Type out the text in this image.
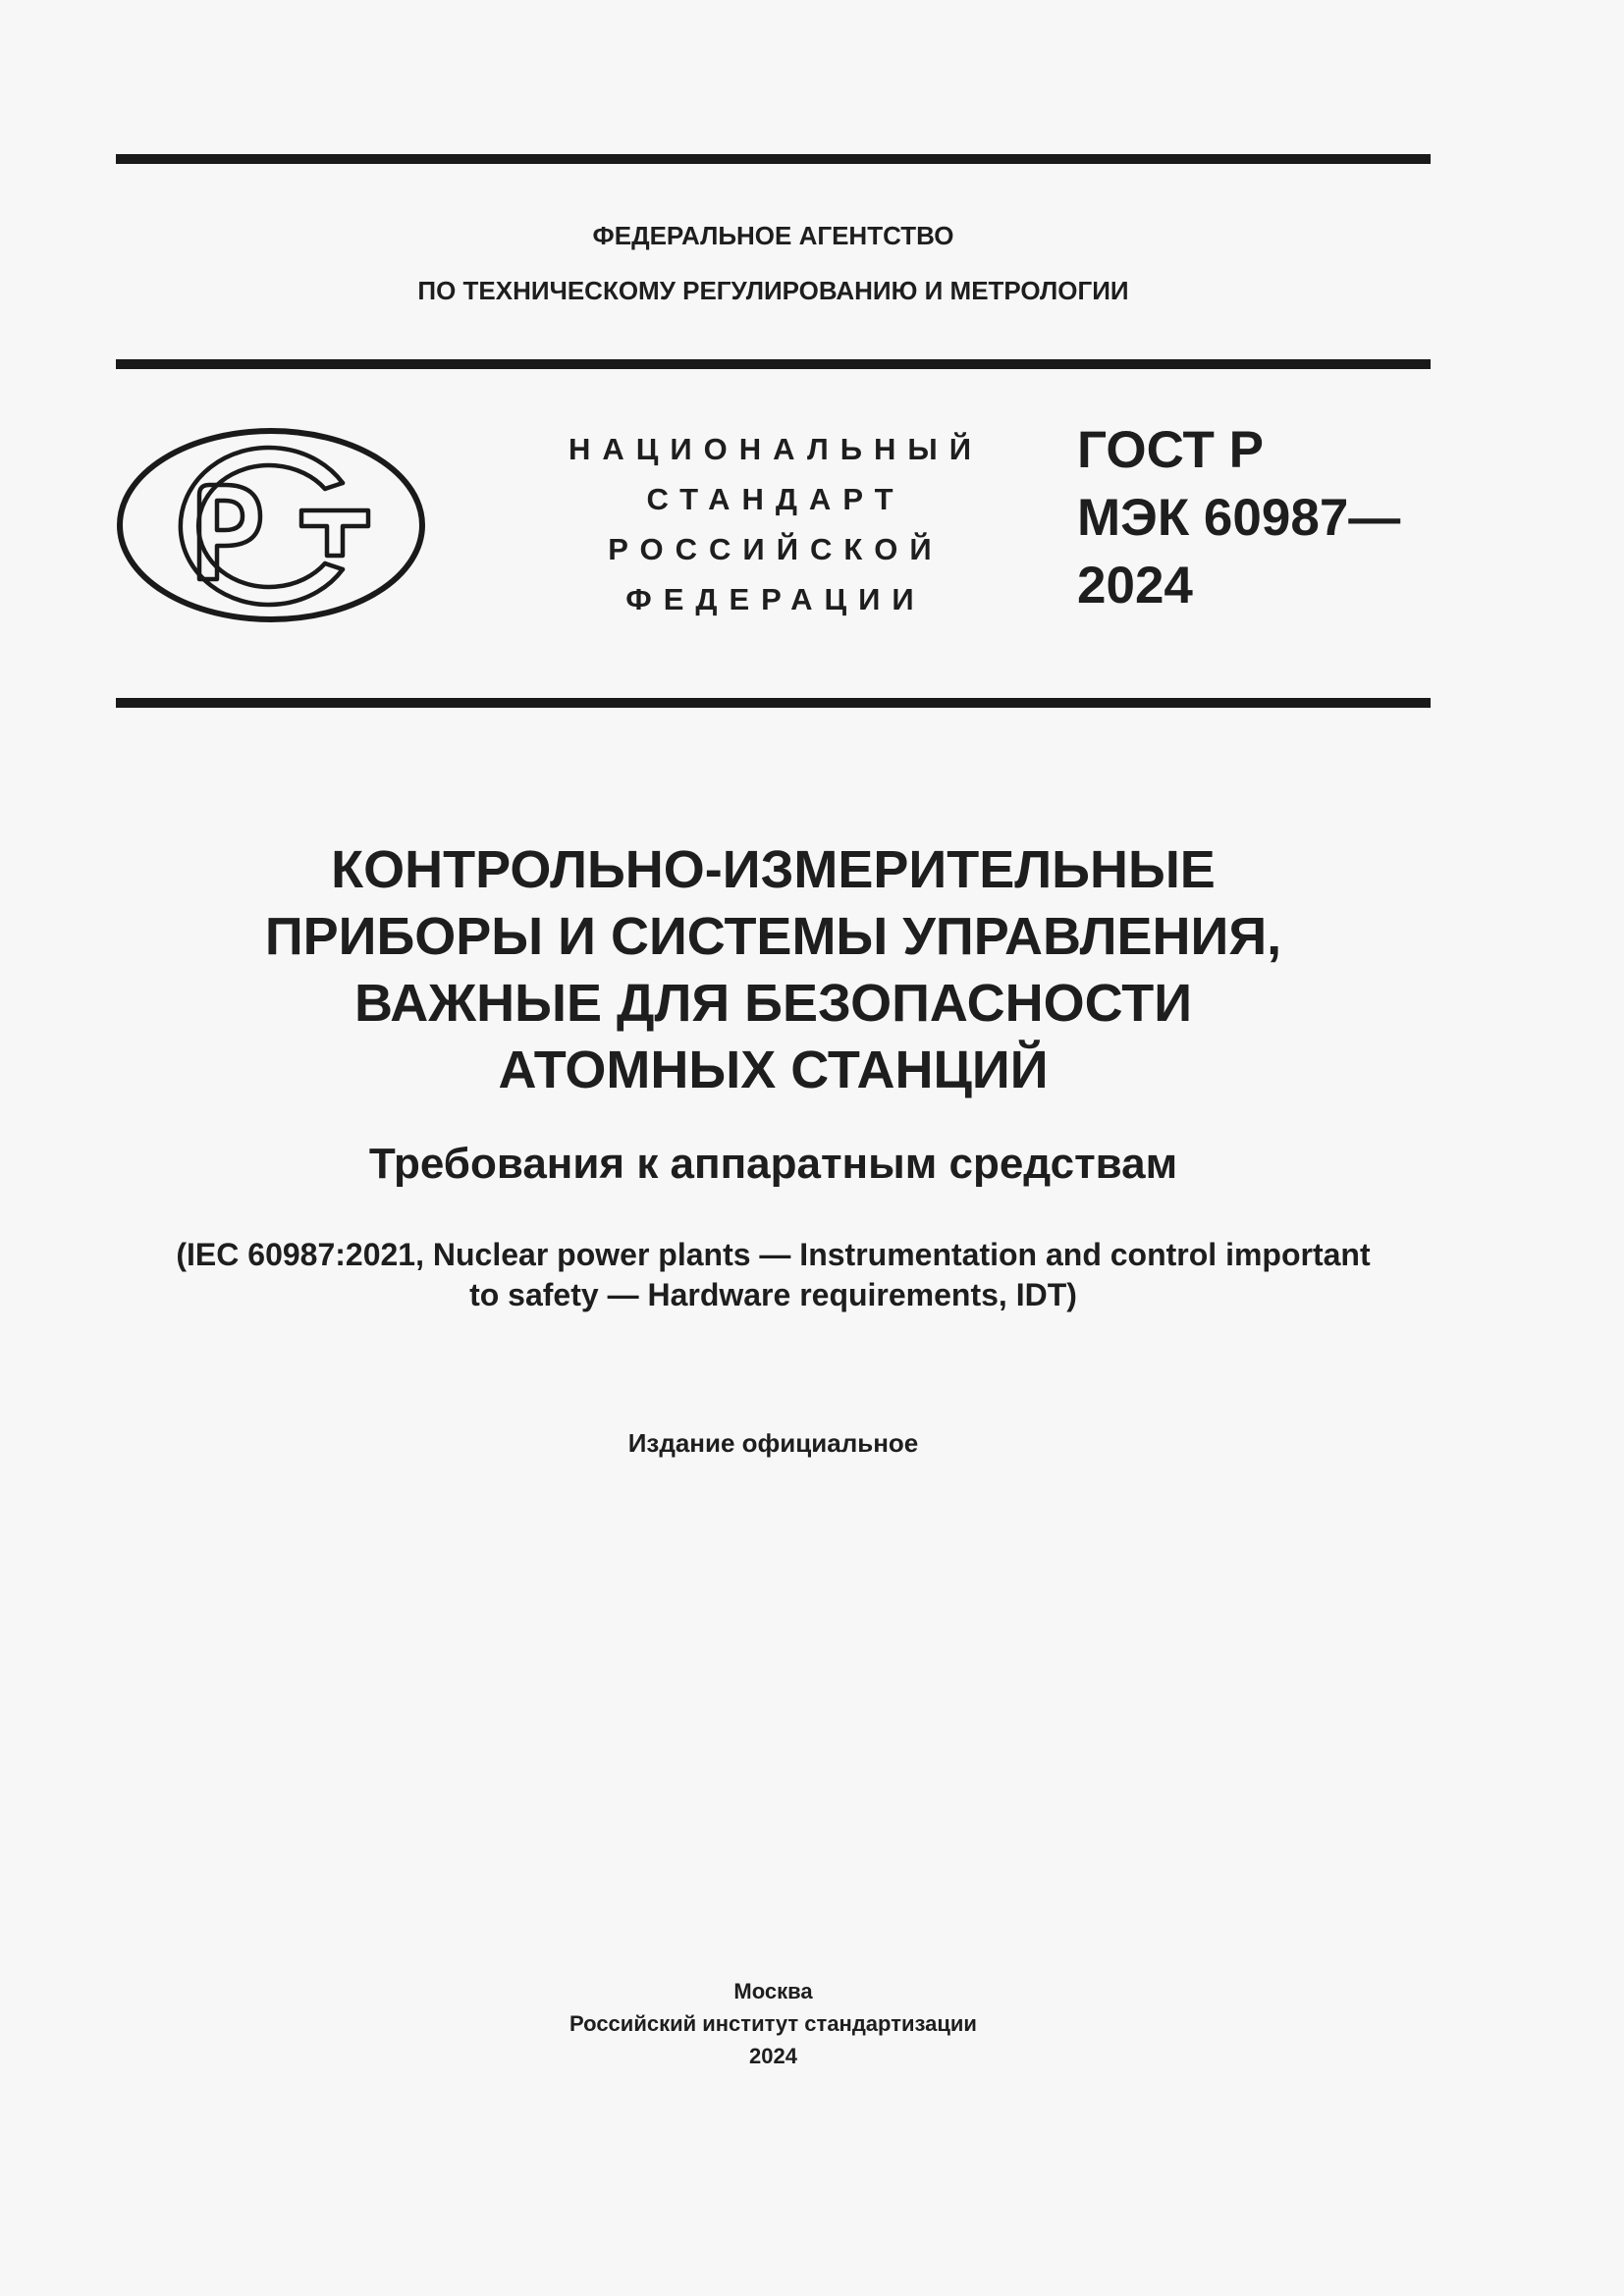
ФЕДЕРАЛЬНОЕ АГЕНТСТВО
ПО ТЕХНИЧЕСКОМУ РЕГУЛИРОВАНИЮ И МЕТРОЛОГИИ
НАЦИОНАЛЬНЫЙ
СТАНДАРТ
РОССИЙСКОЙ
ФЕДЕРАЦИИ
ГОСТ Р
МЭК 60987—
2024
КОНТРОЛЬНО-ИЗМЕРИТЕЛЬНЫЕ
ПРИБОРЫ И СИСТЕМЫ УПРАВЛЕНИЯ,
ВАЖНЫЕ ДЛЯ БЕЗОПАСНОСТИ
АТОМНЫХ СТАНЦИЙ
Требования к аппаратным средствам
(IEC 60987:2021, Nuclear power plants — Instrumentation and control important
to safety — Hardware requirements, IDT)
Издание официальное
Москва
Российский институт стандартизации
2024
